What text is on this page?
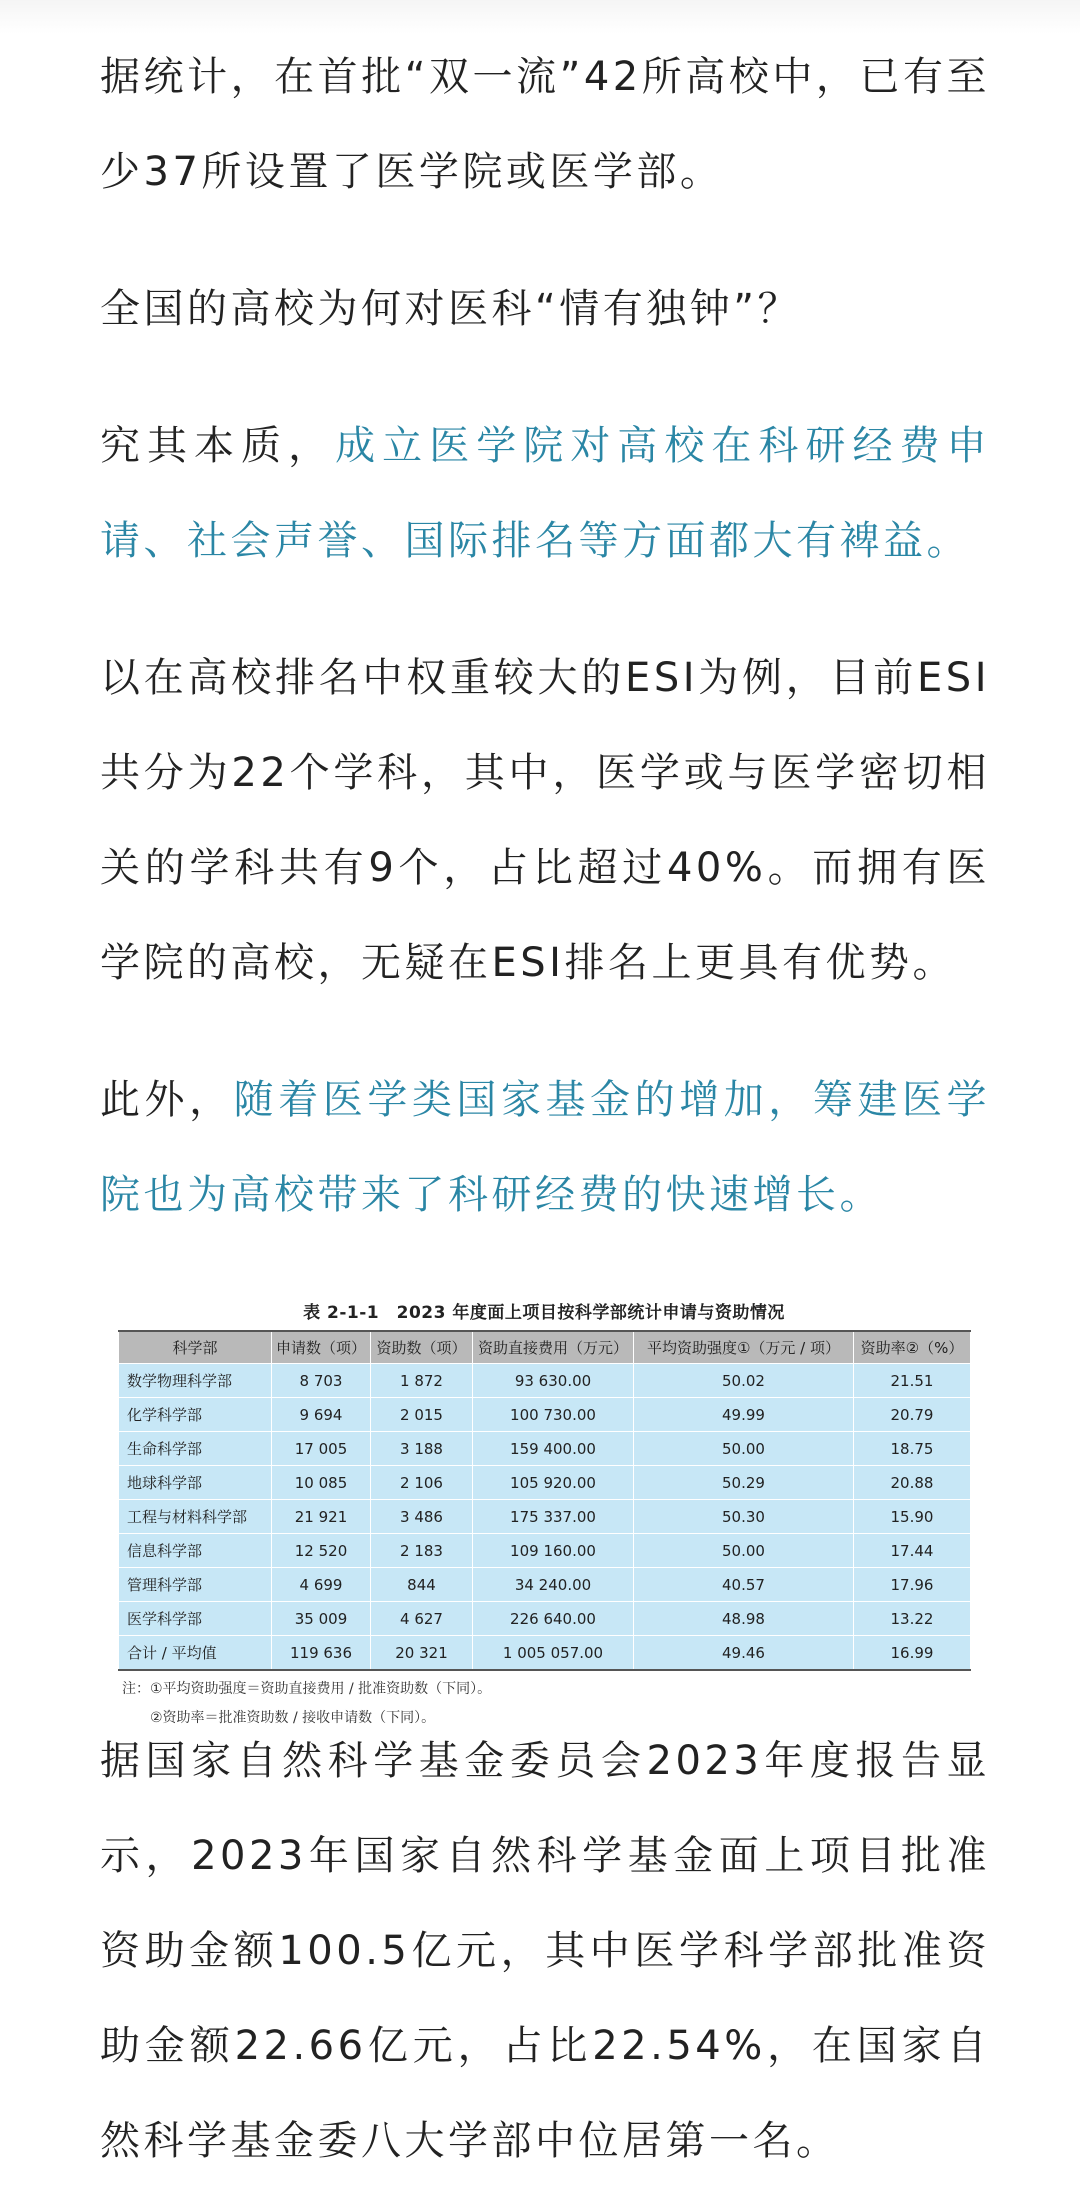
据统计，在首批“双一流”42所高校中，已有至少37所设置了医学院或医学部。

全国的高校为何对医科“情有独钟”？

究其本质，成立医学院对高校在科研经费申请、社会声誉、国际排名等方面都大有裨益。

以在高校排名中权重较大的ESI为例，目前ESI共分为22个学科，其中，医学或与医学密切相关的学科共有9个，占比超过40%。而拥有医学院的高校，无疑在ESI排名上更具有优势。

此外，随着医学类国家基金的增加，筹建医学院也为高校带来了科研经费的快速增长。

表 2-1-1　2023 年度面上项目按科学部统计申请与资助情况
科学部	申请数（项）	资助数（项）	资助直接费用（万元）	平均资助强度①（万元 / 项）	资助率②（%）
数学物理科学部	8 703	1 872	93 630.00	50.02	21.51
化学科学部	9 694	2 015	100 730.00	49.99	20.79
生命科学部	17 005	3 188	159 400.00	50.00	18.75
地球科学部	10 085	2 106	105 920.00	50.29	20.88
工程与材料科学部	21 921	3 486	175 337.00	50.30	15.90
信息科学部	12 520	2 183	109 160.00	50.00	17.44
管理科学部	4 699	844	34 240.00	40.57	17.96
医学科学部	35 009	4 627	226 640.00	48.98	13.22
合计 / 平均值	119 636	20 321	1 005 057.00	49.46	16.99
注：①平均资助强度＝资助直接费用 / 批准资助数（下同）。
②资助率＝批准资助数 / 接收申请数（下同）。

据国家自然科学基金委员会2023年度报告显示，2023年国家自然科学基金面上项目批准资助金额100.5亿元，其中医学科学部批准资助金额22.66亿元，占比22.54%，在国家自然科学基金委八大学部中位居第一名。
